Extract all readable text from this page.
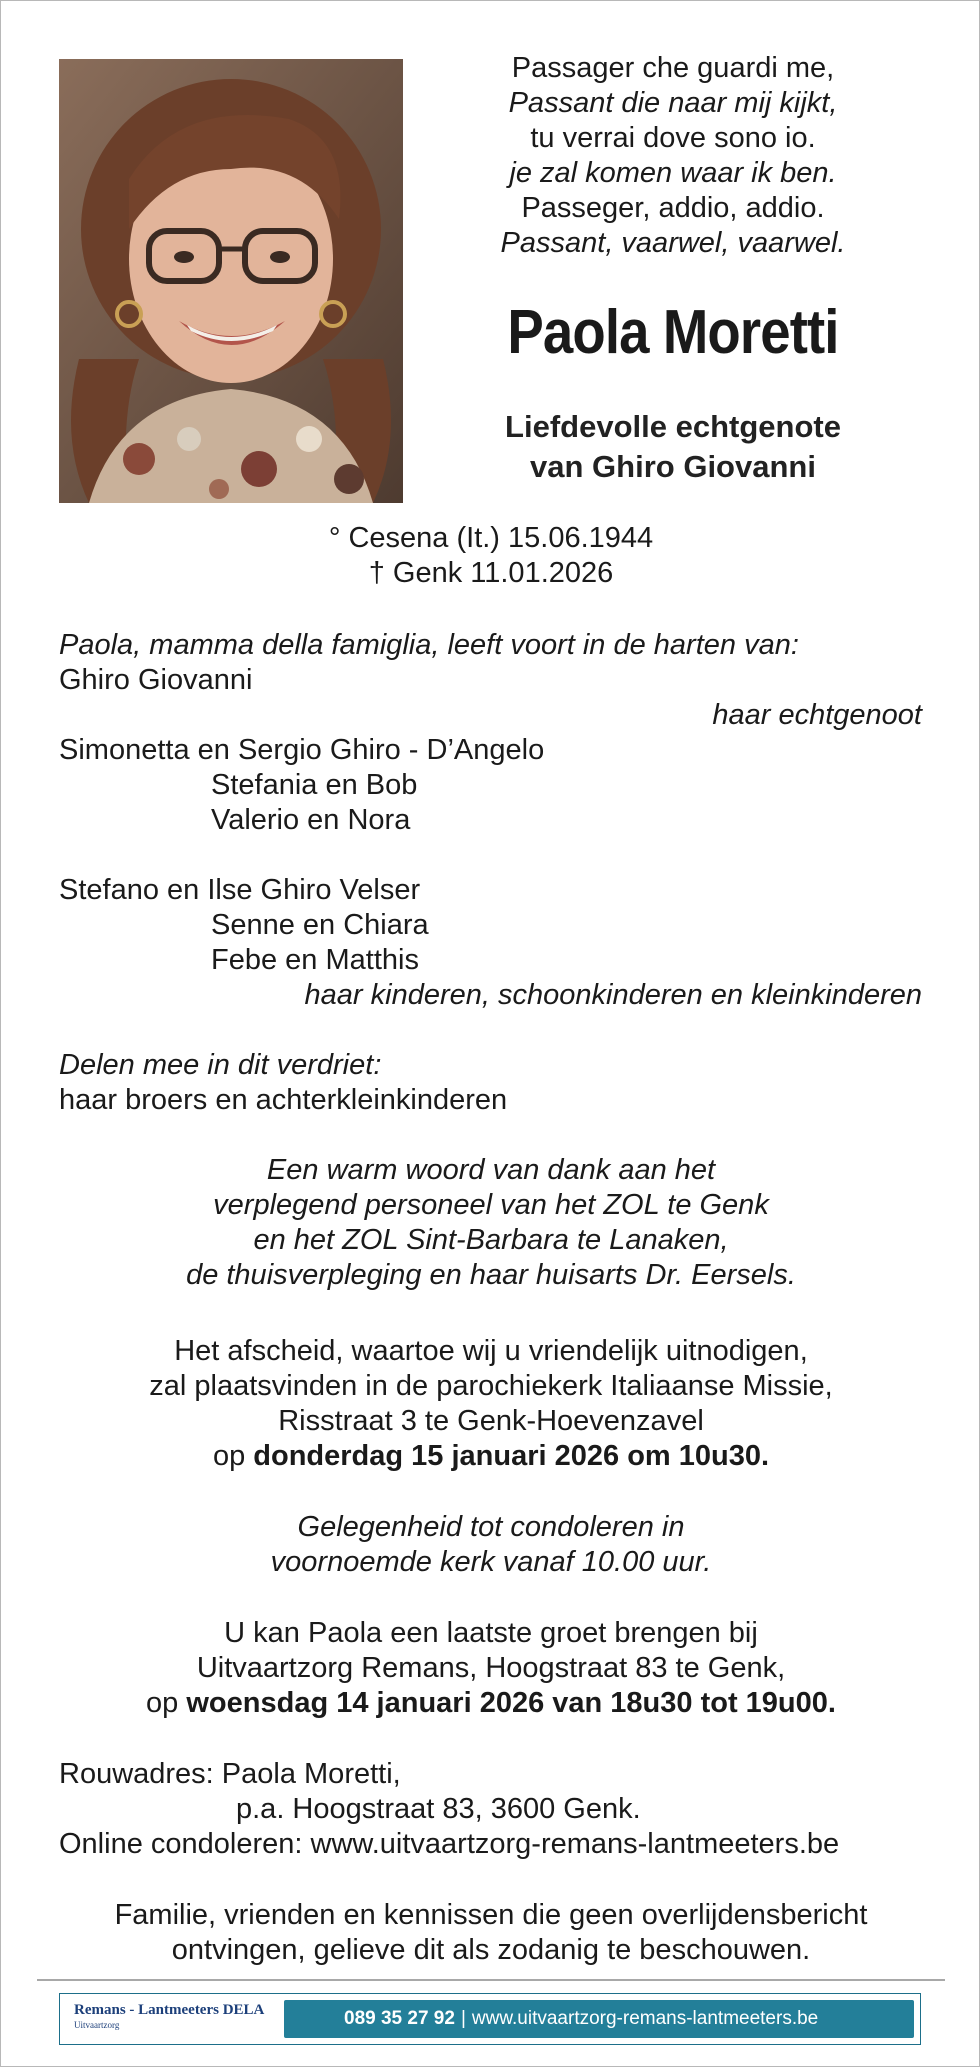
Passager che guardi me,
Passant die naar mij kijkt,
tu verrai dove sono io.
je zal komen waar ik ben.
Passeger, addio, addio.
Passant, vaarwel, vaarwel.
Paola Moretti
Liefdevolle echtgenote
van Ghiro Giovanni
° Cesena (It.) 15.06.1944
† Genk 11.01.2026
Paola, mamma della famiglia, leeft voort in de harten van:
Ghiro Giovanni
haar echtgenoot
Simonetta en Sergio Ghiro - D’Angelo
Stefania en Bob
Valerio en Nora
Stefano en Ilse Ghiro Velser
Senne en Chiara
Febe en Matthis
haar kinderen, schoonkinderen en kleinkinderen
Delen mee in dit verdriet:
haar broers en achterkleinkinderen
Een warm woord van dank aan het
verplegend personeel van het ZOL te Genk
en het ZOL Sint-Barbara te Lanaken,
de thuisverpleging en haar huisarts Dr. Eersels.
Het afscheid, waartoe wij u vriendelijk uitnodigen,
zal plaatsvinden in de parochiekerk Italiaanse Missie,
Risstraat 3 te Genk-Hoevenzavel
op donderdag 15 januari 2026 om 10u30.
Gelegenheid tot condoleren in
voornoemde kerk vanaf 10.00 uur.
U kan Paola een laatste groet brengen bij
Uitvaartzorg Remans, Hoogstraat 83 te Genk,
op woensdag 14 januari 2026 van 18u30 tot 19u00.
Rouwadres: Paola Moretti,
p.a. Hoogstraat 83, 3600 Genk.
Online condoleren: www.uitvaartzorg-remans-lantmeeters.be
Familie, vrienden en kennissen die geen overlijdensbericht
ontvingen, gelieve dit als zodanig te beschouwen.
Remans - Lantmeeters DELA
Uitvaartzorg	089 35 27 92 | www.uitvaartzorg-remans-lantmeeters.be
